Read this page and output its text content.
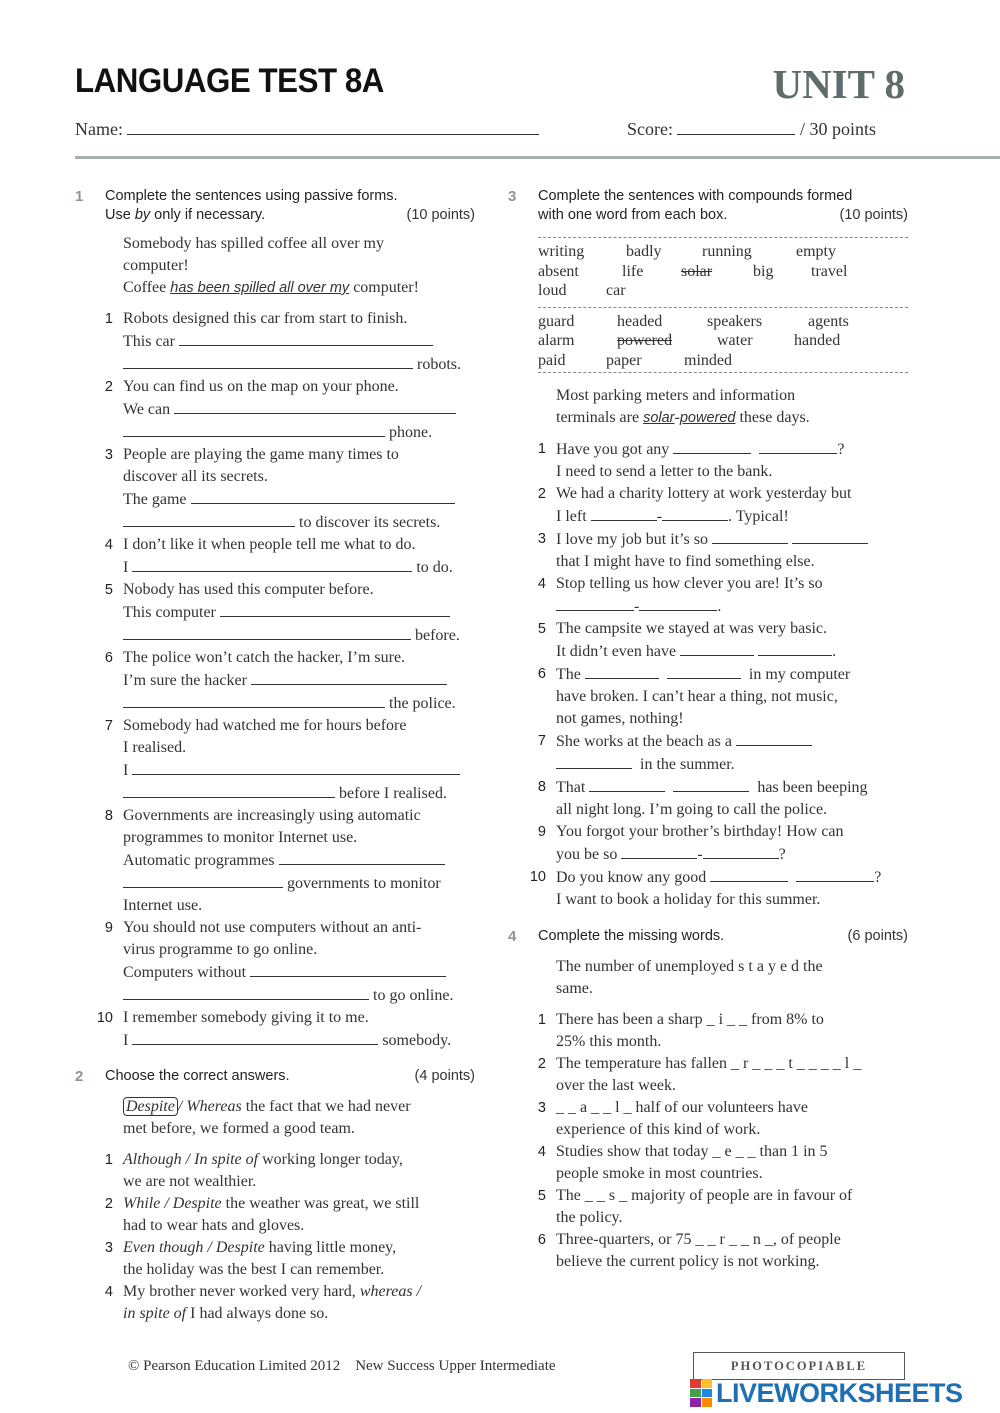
LANGUAGE TEST 8A	UNIT 8
Name:	Score:	/ 30 points
1 Complete the sentences using passive forms.
Use by only if necessary.	(10 points)
Somebody has spilled coffee all over my
computer!
Coffee has been spilled all over my computer!
1 Robots designed this car from start to finish.
This car
robots.
2 You can find us on the map on your phone.
We can
phone.
3 People are playing the game many times to
discover all its secrets.
The game
to discover its secrets.
4 I don’t like it when people tell me what to do.
I	to do.
5 Nobody has used this computer before.
This computer
before.
6 The police won’t catch the hacker, I’m sure.
I’m sure the hacker
the police.
7 Somebody had watched me for hours before
I realised.
I
before I realised.
8 Governments are increasingly using automatic
programmes to monitor Internet use.
Automatic programmes
governments to monitor
Internet use.
9 You should not use computers without an anti-
virus programme to go online.
Computers without
to go online.
10 I remember somebody giving it to me.
I	somebody.
2 Choose the correct answers.	(4 points)
Despite / Whereas the fact that we had never
met before, we formed a good team.
1 Although / In spite of working longer today,
we are not wealthier.
2 While / Despite the weather was great, we still
had to wear hats and gloves.
3 Even though / Despite having little money,
the holiday was the best I can remember.
4 My brother never worked very hard, whereas /
in spite of I had always done so.
3 Complete the sentences with compounds formed
with one word from each box.	(10 points)
writing	badly	running	empty
absent	life	solar	big	travel
loud	car
guard	headed	speakers	agents
alarm	powered	water	handed
paid	paper	minded
Most parking meters and information
terminals are solar-powered these days.
1 Have you got any	?
I need to send a letter to the bank.
2 We had a charity lottery at work yesterday but
I left	-	. Typical!
3 I love my job but it’s so
that I might have to find something else.
4 Stop telling us how clever you are! It’s so
-	.
5 The campsite we stayed at was very basic.
It didn’t even have	.
6 The	in my computer
have broken. I can’t hear a thing, not music,
not games, nothing!
7 She works at the beach as a
in the summer.
8 That	has been beeping
all night long. I’m going to call the police.
9 You forgot your brother’s birthday! How can
you be so	-	?
10 Do you know any good	?
I want to book a holiday for this summer.
4 Complete the missing words.	(6 points)
The number of unemployed s t a y e d the
same.
1 There has been a sharp _ i _ _ from 8% to
25% this month.
2 The temperature has fallen _ r _ _ _ t _ _ _ _ l _
over the last week.
3 _ _ a _ _ l _ half of our volunteers have
experience of this kind of work.
4 Studies show that today _ e _ _ than 1 in 5
people smoke in most countries.
5 The _ _ s _ majority of people are in favour of
the policy.
6 Three-quarters, or 75 _ _ r _ _ n _, of people
believe the current policy is not working.
© Pearson Education Limited 2012    New Success Upper Intermediate	PHOTOCOPIABLE
LIVEWORKSHEETS
